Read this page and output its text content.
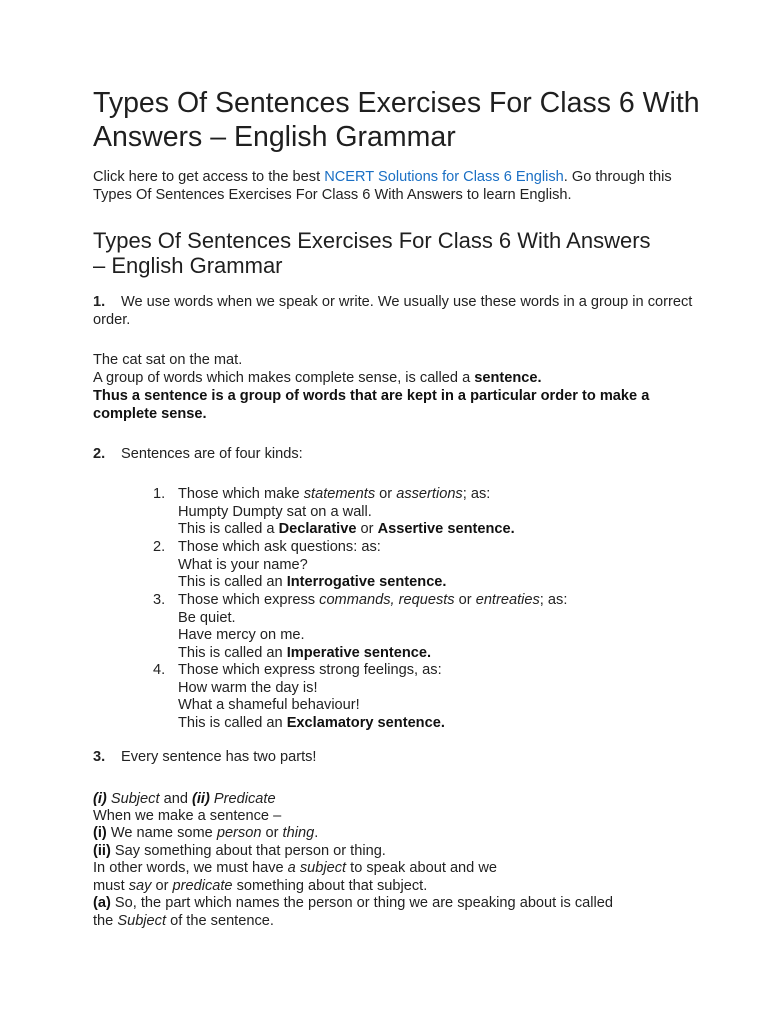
Types Of Sentences Exercises For Class 6 With Answers – English Grammar

Click here to get access to the best NCERT Solutions for Class 6 English. Go through this Types Of Sentences Exercises For Class 6 With Answers to learn English.

Types Of Sentences Exercises For Class 6 With Answers – English Grammar

1. We use words when we speak or write. We usually use these words in a group in correct order.

The cat sat on the mat.

A group of words which makes complete sense, is called a sentence.

Thus a sentence is a group of words that are kept in a particular order to make a complete sense.

2. Sentences are of four kinds:

1. Those which make statements or assertions; as:
Humpty Dumpty sat on a wall.
This is called a Declarative or Assertive sentence.
2. Those which ask questions: as:
What is your name?
This is called an Interrogative sentence.
3. Those which express commands, requests or entreaties; as:
Be quiet.
Have mercy on me.
This is called an Imperative sentence.
4. Those which express strong feelings, as:
How warm the day is!
What a shameful behaviour!
This is called an Exclamatory sentence.

3. Every sentence has two parts!

(i) Subject and (ii) Predicate

When we make a sentence –

(i) We name some person or thing.

(ii) Say something about that person or thing.

In other words, we must have a subject to speak about and we

must say or predicate something about that subject.

(a) So, the part which names the person or thing we are speaking about is called

the Subject of the sentence.
